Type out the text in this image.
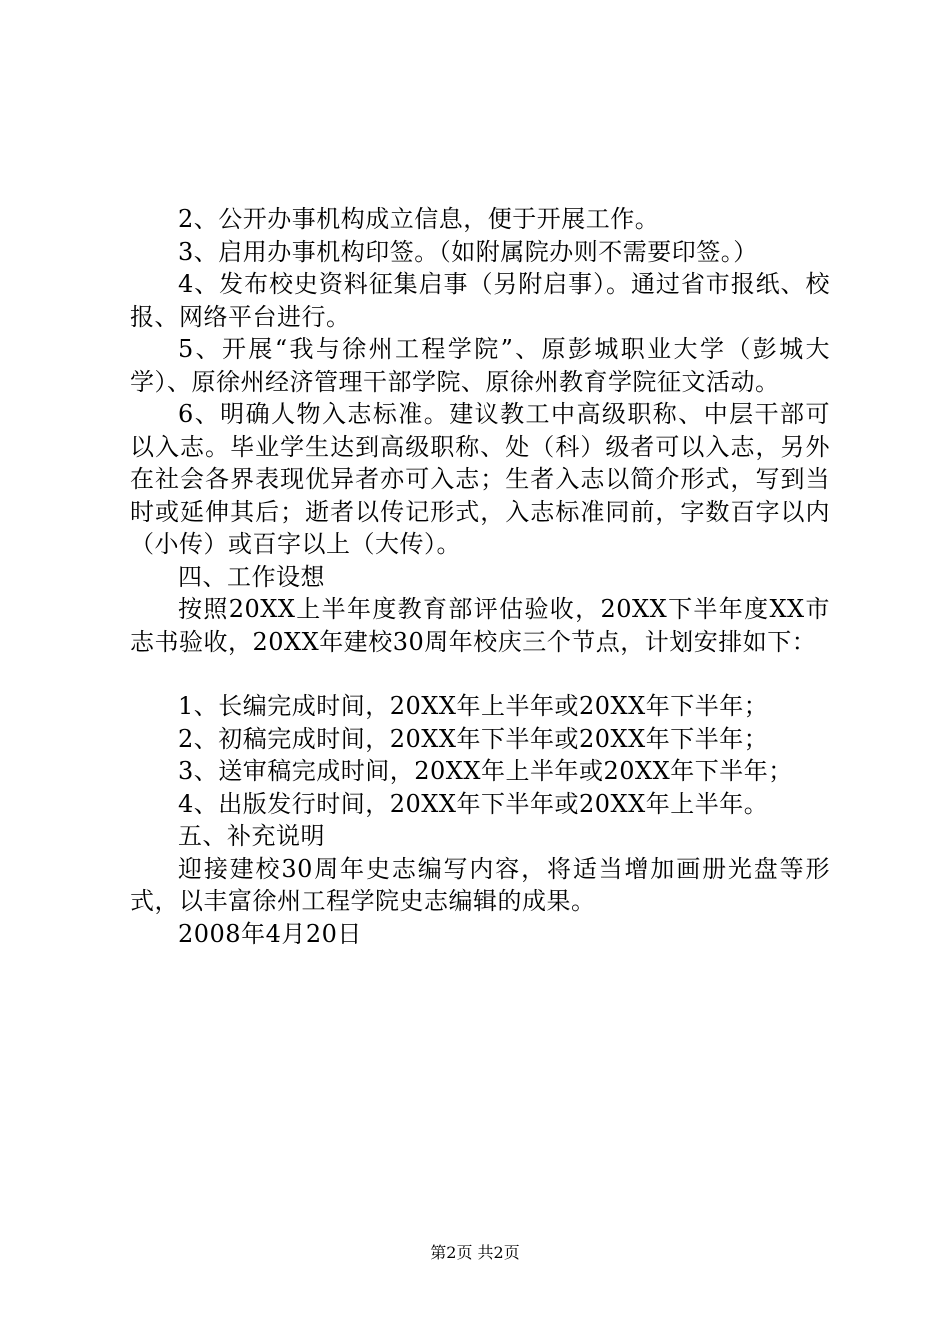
2、公开办事机构成立信息，便于开展工作。

3、启用办事机构印签。（如附属院办则不需要印签。）

4、发布校史资料征集启事（另附启事）。通过省市报纸、校报、网络平台进行。

5、开展“我与徐州工程学院”、原彭城职业大学（彭城大学）、原徐州经济管理干部学院、原徐州教育学院征文活动。

6、明确人物入志标准。建议教工中高级职称、中层干部可以入志。毕业学生达到高级职称、处（科）级者可以入志，另外在社会各界表现优异者亦可入志；生者入志以简介形式，写到当时或延伸其后；逝者以传记形式，入志标准同前，字数百字以内（小传）或百字以上（大传）。

四、工作设想

按照20XX上半年度教育部评估验收，20XX下半年度XX市志书验收，20XX年建校30周年校庆三个节点，计划安排如下：

1、长编完成时间，20XX年上半年或20XX年下半年；

2、初稿完成时间，20XX年下半年或20XX年下半年；

3、送审稿完成时间，20XX年上半年或20XX年下半年；

4、出版发行时间，20XX年下半年或20XX年上半年。

五、补充说明

迎接建校30周年史志编写内容，将适当增加画册光盘等形式，以丰富徐州工程学院史志编辑的成果。

2008年4月20日

第2页 共2页
